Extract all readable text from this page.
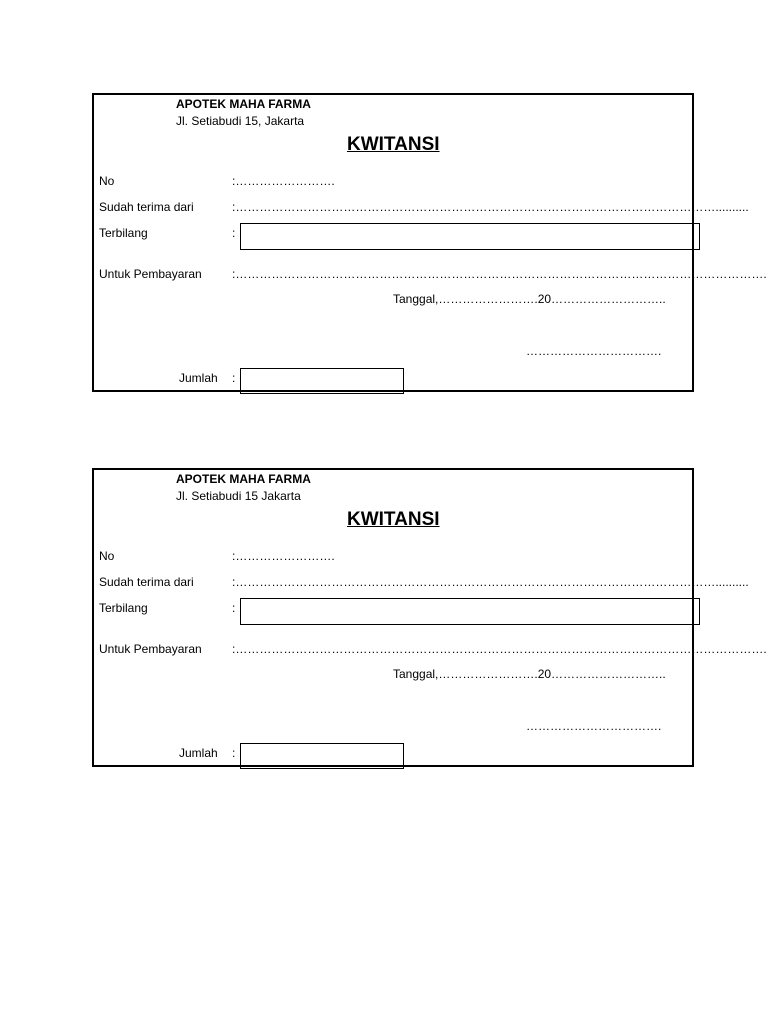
APOTEK MAHA FARMA
Jl. Setiabudi 15, Jakarta
KWITANSI
No	:…………………….
Sudah terima dari	:…………………………………………………………………………………………………………..........
Terbilang	:
Untuk Pembayaran	:…………………………………………………………………………………………………………………….
Tanggal,…………………….20………………………..
…………………………….
Jumlah :
APOTEK MAHA FARMA
Jl. Setiabudi 15 Jakarta
KWITANSI
No	:…………………….
Sudah terima dari	:…………………………………………………………………………………………………………..........
Terbilang	:
Untuk Pembayaran	:…………………………………………………………………………………………………………………….
Tanggal,…………………….20………………………..
…………………………….
Jumlah :
